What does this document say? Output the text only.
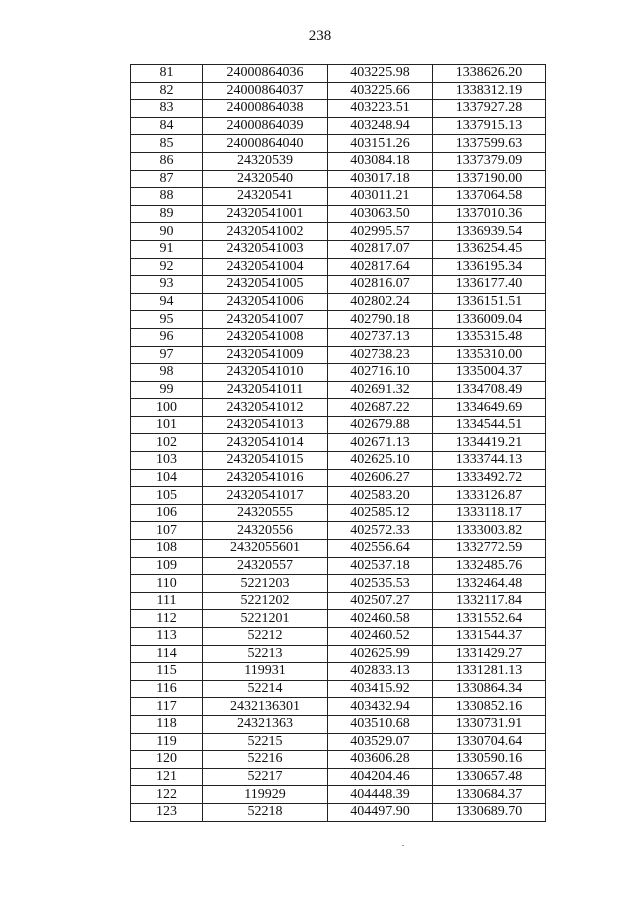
238
81	24000864036	403225.98	1338626.20
82	24000864037	403225.66	1338312.19
83	24000864038	403223.51	1337927.28
84	24000864039	403248.94	1337915.13
85	24000864040	403151.26	1337599.63
86	24320539	403084.18	1337379.09
87	24320540	403017.18	1337190.00
88	24320541	403011.21	1337064.58
89	24320541001	403063.50	1337010.36
90	24320541002	402995.57	1336939.54
91	24320541003	402817.07	1336254.45
92	24320541004	402817.64	1336195.34
93	24320541005	402816.07	1336177.40
94	24320541006	402802.24	1336151.51
95	24320541007	402790.18	1336009.04
96	24320541008	402737.13	1335315.48
97	24320541009	402738.23	1335310.00
98	24320541010	402716.10	1335004.37
99	24320541011	402691.32	1334708.49
100	24320541012	402687.22	1334649.69
101	24320541013	402679.88	1334544.51
102	24320541014	402671.13	1334419.21
103	24320541015	402625.10	1333744.13
104	24320541016	402606.27	1333492.72
105	24320541017	402583.20	1333126.87
106	24320555	402585.12	1333118.17
107	24320556	402572.33	1333003.82
108	2432055601	402556.64	1332772.59
109	24320557	402537.18	1332485.76
110	5221203	402535.53	1332464.48
111	5221202	402507.27	1332117.84
112	5221201	402460.58	1331552.64
113	52212	402460.52	1331544.37
114	52213	402625.99	1331429.27
115	119931	402833.13	1331281.13
116	52214	403415.92	1330864.34
117	2432136301	403432.94	1330852.16
118	24321363	403510.68	1330731.91
119	52215	403529.07	1330704.64
120	52216	403606.28	1330590.16
121	52217	404204.46	1330657.48
122	119929	404448.39	1330684.37
123	52218	404497.90	1330689.70
